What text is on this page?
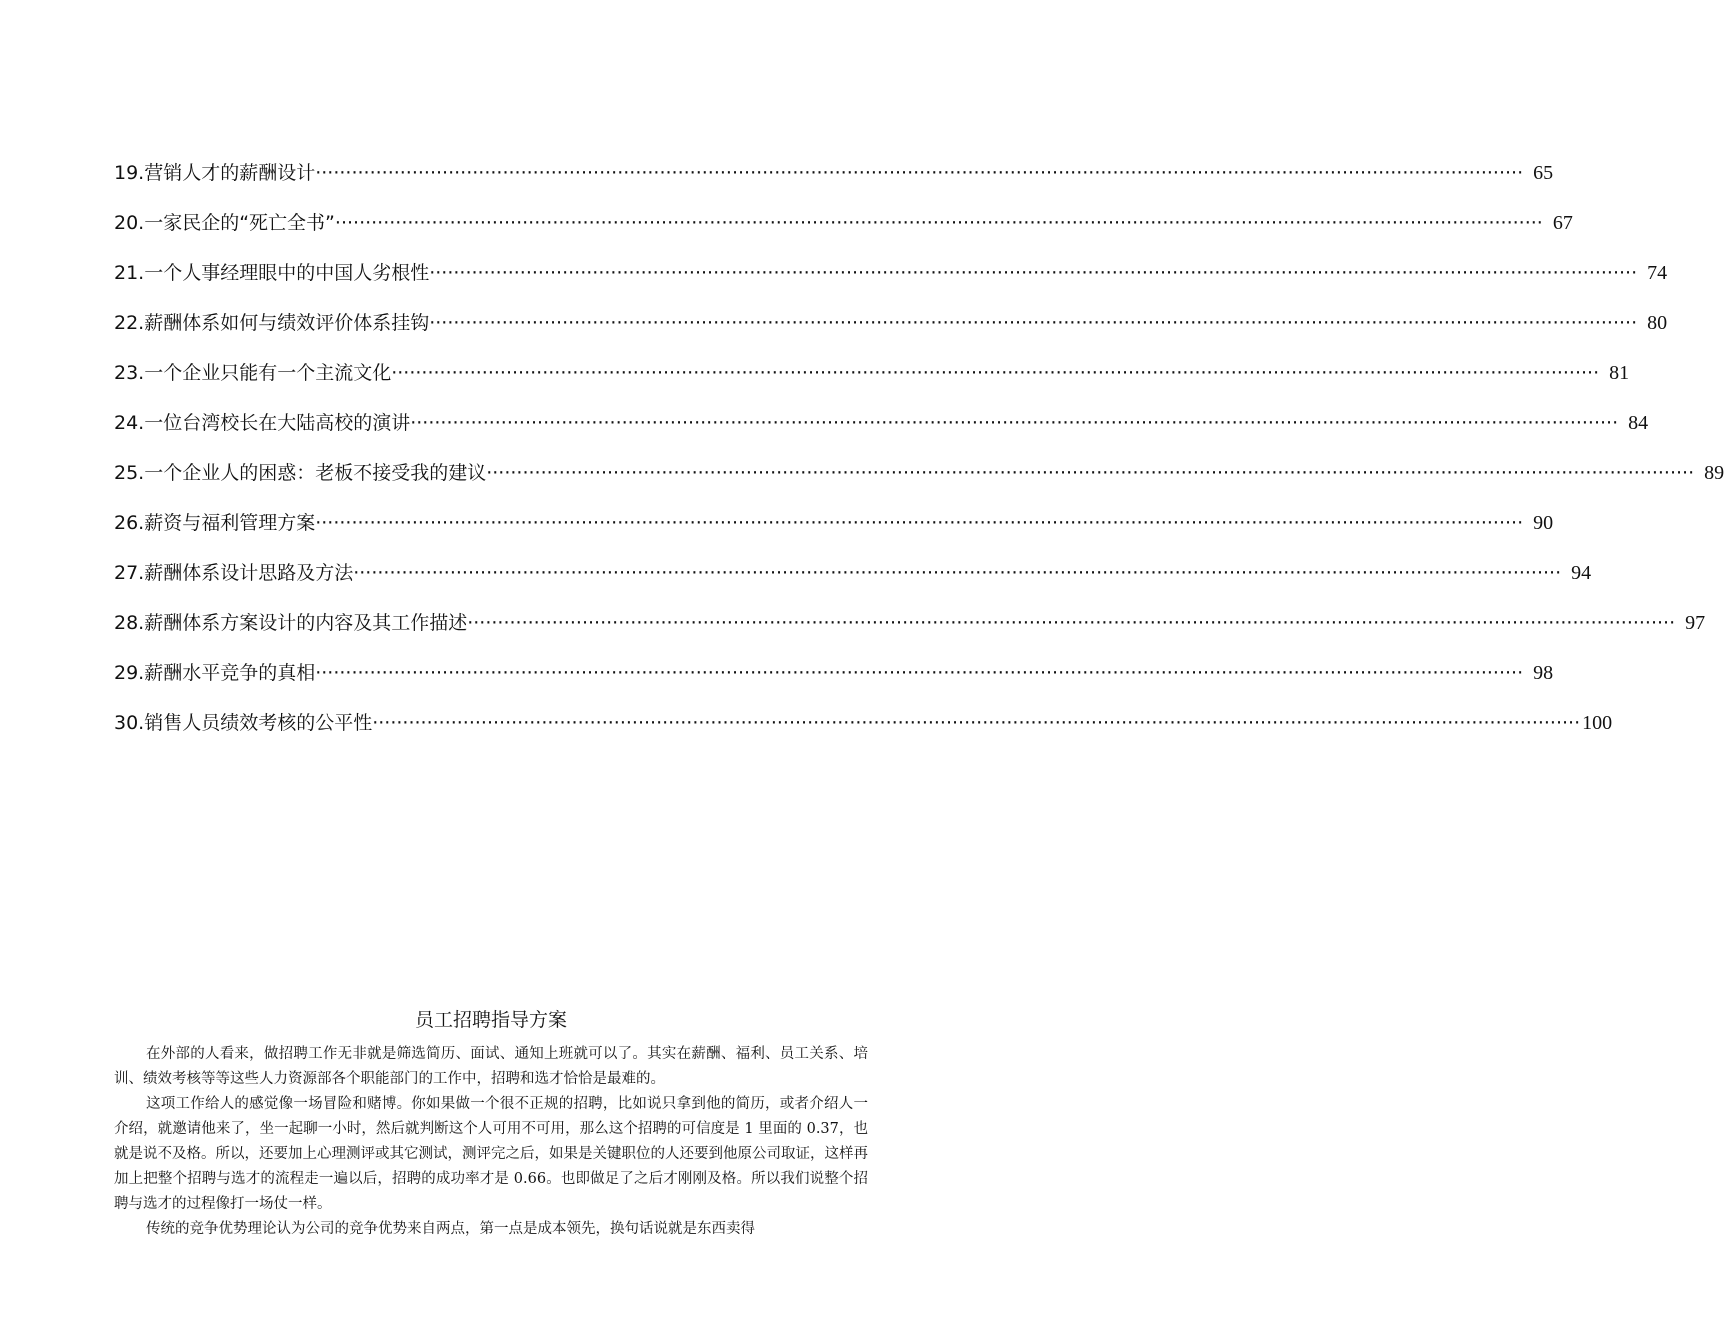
19.营销人才的薪酬设计 ········································································································································································································ 65
20.一家民企的“死亡全书” ········································································································································································································ 67
21.一个人事经理眼中的中国人劣根性 ········································································································································································································ 74
22.薪酬体系如何与绩效评价体系挂钩 ········································································································································································································ 80
23.一个企业只能有一个主流文化 ········································································································································································································ 81
24.一位台湾校长在大陆高校的演讲 ········································································································································································································ 84
25.一个企业人的困惑：老板不接受我的建议 ········································································································································································································ 89
26.薪资与福利管理方案 ········································································································································································································ 90
27.薪酬体系设计思路及方法 ········································································································································································································ 94
28.薪酬体系方案设计的内容及其工作描述 ········································································································································································································ 97
29.薪酬水平竞争的真相 ········································································································································································································ 98
30.销售人员绩效考核的公平性 ········································································································································································································ 100
员工招聘指导方案

在外部的人看来，做招聘工作无非就是筛选简历、面试、通知上班就可以了。其实在薪酬、福利、员工关系、培训、绩效考核等等这些人力资源部各个职能部门的工作中，招聘和选才恰恰是最难的。

这项工作给人的感觉像一场冒险和赌博。你如果做一个很不正规的招聘，比如说只拿到他的简历，或者介绍人一介绍，就邀请他来了，坐一起聊一小时，然后就判断这个人可用不可用，那么这个招聘的可信度是 1 里面的 0.37，也就是说不及格。所以，还要加上心理测评或其它测试，测评完之后，如果是关键职位的人还要到他原公司取证，这样再加上把整个招聘与选才的流程走一遍以后，招聘的成功率才是 0.66。也即做足了之后才刚刚及格。所以我们说整个招聘与选才的过程像打一场仗一样。

传统的竞争优势理论认为公司的竞争优势来自两点，第一点是成本领先，换句话说就是东西卖得
